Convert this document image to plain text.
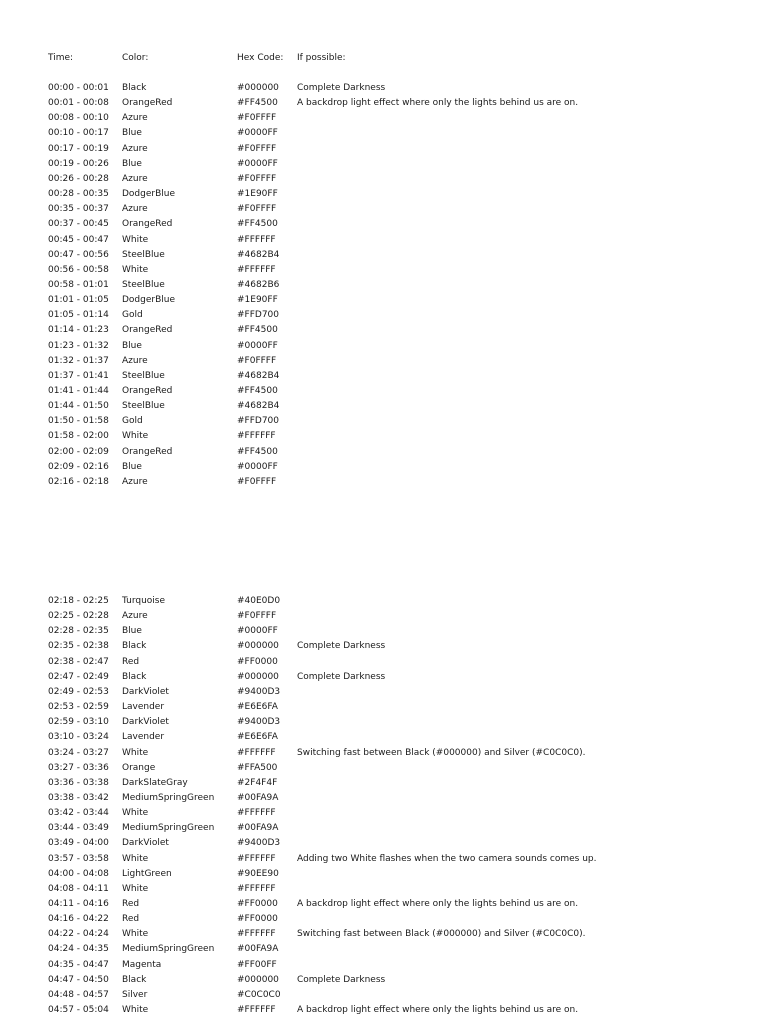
Time:	Color:	Hex Code: If possible:
00:00 - 00:01 Black	#000000 Complete Darkness
00:01 - 00:08 OrangeRed	#FF4500 A backdrop light effect where only the lights behind us are on.
00:08 - 00:10 Azure	#F0FFFF
00:10 - 00:17 Blue	#0000FF
00:17 - 00:19 Azure	#F0FFFF
00:19 - 00:26 Blue	#0000FF
00:26 - 00:28 Azure	#F0FFFF
00:28 - 00:35 DodgerBlue	#1E90FF
00:35 - 00:37 Azure	#F0FFFF
00:37 - 00:45 OrangeRed	#FF4500
00:45 - 00:47 White	#FFFFFF
00:47 - 00:56 SteelBlue	#4682B4
00:56 - 00:58 White	#FFFFFF
00:58 - 01:01 SteelBlue	#4682B6
01:01 - 01:05 DodgerBlue	#1E90FF
01:05 - 01:14 Gold	#FFD700
01:14 - 01:23 OrangeRed	#FF4500
01:23 - 01:32 Blue	#0000FF
01:32 - 01:37 Azure	#F0FFFF
01:37 - 01:41 SteelBlue	#4682B4
01:41 - 01:44 OrangeRed	#FF4500
01:44 - 01:50 SteelBlue	#4682B4
01:50 - 01:58 Gold	#FFD700
01:58 - 02:00 White	#FFFFFF
02:00 - 02:09 OrangeRed	#FF4500
02:09 - 02:16 Blue	#0000FF
02:16 - 02:18 Azure	#F0FFFF
02:18 - 02:25 Turquoise	#40E0D0
02:25 - 02:28 Azure	#F0FFFF
02:28 - 02:35 Blue	#0000FF
02:35 - 02:38 Black	#000000 Complete Darkness
02:38 - 02:47 Red	#FF0000
02:47 - 02:49 Black	#000000 Complete Darkness
02:49 - 02:53 DarkViolet	#9400D3
02:53 - 02:59 Lavender	#E6E6FA
02:59 - 03:10 DarkViolet	#9400D3
03:10 - 03:24 Lavender	#E6E6FA
03:24 - 03:27 White	#FFFFFF Switching fast between Black (#000000) and Silver (#C0C0C0).
03:27 - 03:36 Orange	#FFA500
03:36 - 03:38 DarkSlateGray	#2F4F4F
03:38 - 03:42 MediumSpringGreen	#00FA9A
03:42 - 03:44 White	#FFFFFF
03:44 - 03:49 MediumSpringGreen	#00FA9A
03:49 - 04:00 DarkViolet	#9400D3
03:57 - 03:58 White	#FFFFFF Adding two White flashes when the two camera sounds comes up.
04:00 - 04:08 LightGreen	#90EE90
04:08 - 04:11 White	#FFFFFF
04:11 - 04:16 Red	#FF0000 A backdrop light effect where only the lights behind us are on.
04:16 - 04:22 Red	#FF0000
04:22 - 04:24 White	#FFFFFF Switching fast between Black (#000000) and Silver (#C0C0C0).
04:24 - 04:35 MediumSpringGreen	#00FA9A
04:35 - 04:47 Magenta	#FF00FF
04:47 - 04:50 Black	#000000 Complete Darkness
04:48 - 04:57 Silver	#C0C0C0
04:57 - 05:04 White	#FFFFFF A backdrop light effect where only the lights behind us are on.
